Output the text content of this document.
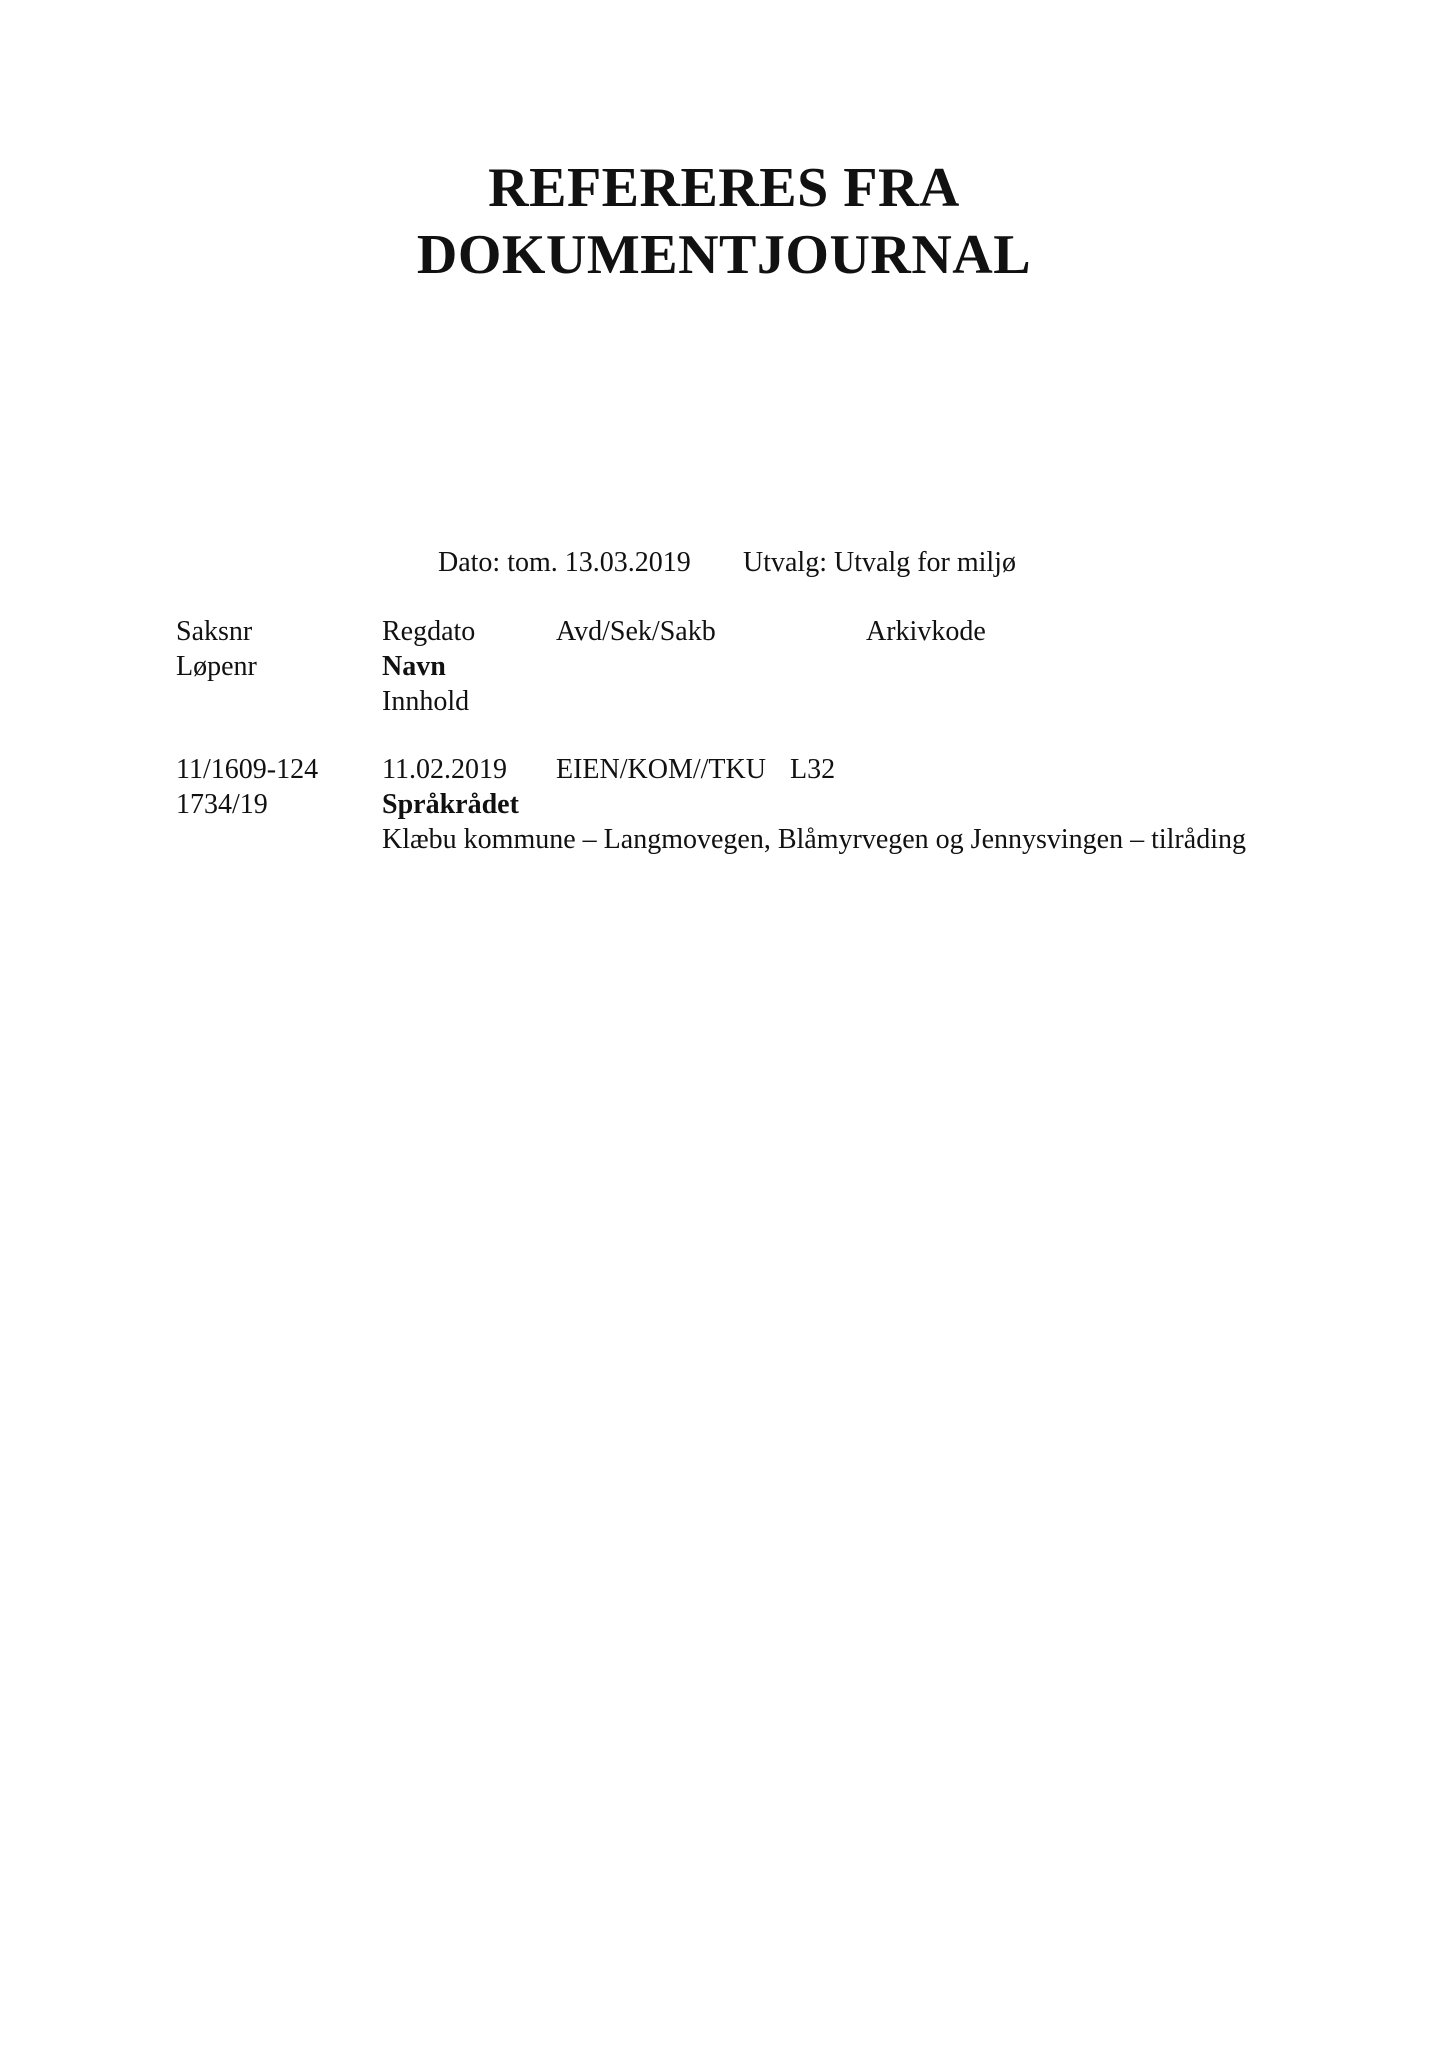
REFERERES FRA
DOKUMENTJOURNAL
Dato: tom. 13.03.2019 Utvalg: Utvalg for miljø
Saksnr	Regdato	Avd/Sek/Sakb	Arkivkode
Løpenr	Navn
Innhold
11/1609-124 11.02.2019 EIEN/KOM//TKU L32
1734/19	Språkrådet
Klæbu kommune – Langmovegen, Blåmyrvegen og Jennysvingen – tilråding
